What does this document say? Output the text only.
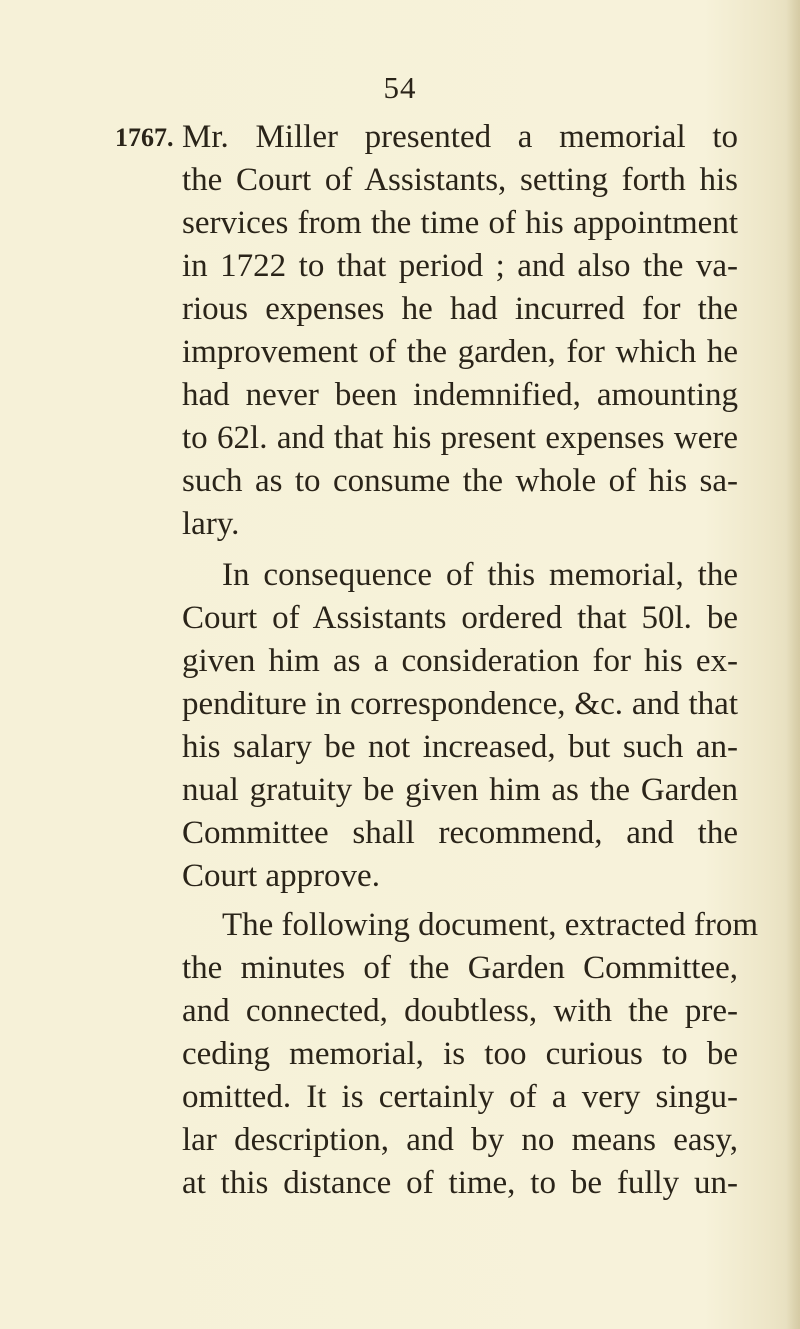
54
1767. Mr. Miller presented a memorial to
the Court of Assistants, setting forth his
services from the time of his appointment
in 1722 to that period ; and also the va-
rious expenses he had incurred for the
improvement of the garden, for which he
had never been indemnified, amounting
to 62l. and that his present expenses were
such as to consume the whole of his sa-
lary.
In consequence of this memorial, the
Court of Assistants ordered that 50l. be
given him as a consideration for his ex-
penditure in correspondence, &c. and that
his salary be not increased, but such an-
nual gratuity be given him as the Garden
Committee shall recommend, and the
Court approve.
The following document, extracted from
the minutes of the Garden Committee,
and connected, doubtless, with the pre-
ceding memorial, is too curious to be
omitted. It is certainly of a very singu-
lar description, and by no means easy,
at this distance of time, to be fully un-
